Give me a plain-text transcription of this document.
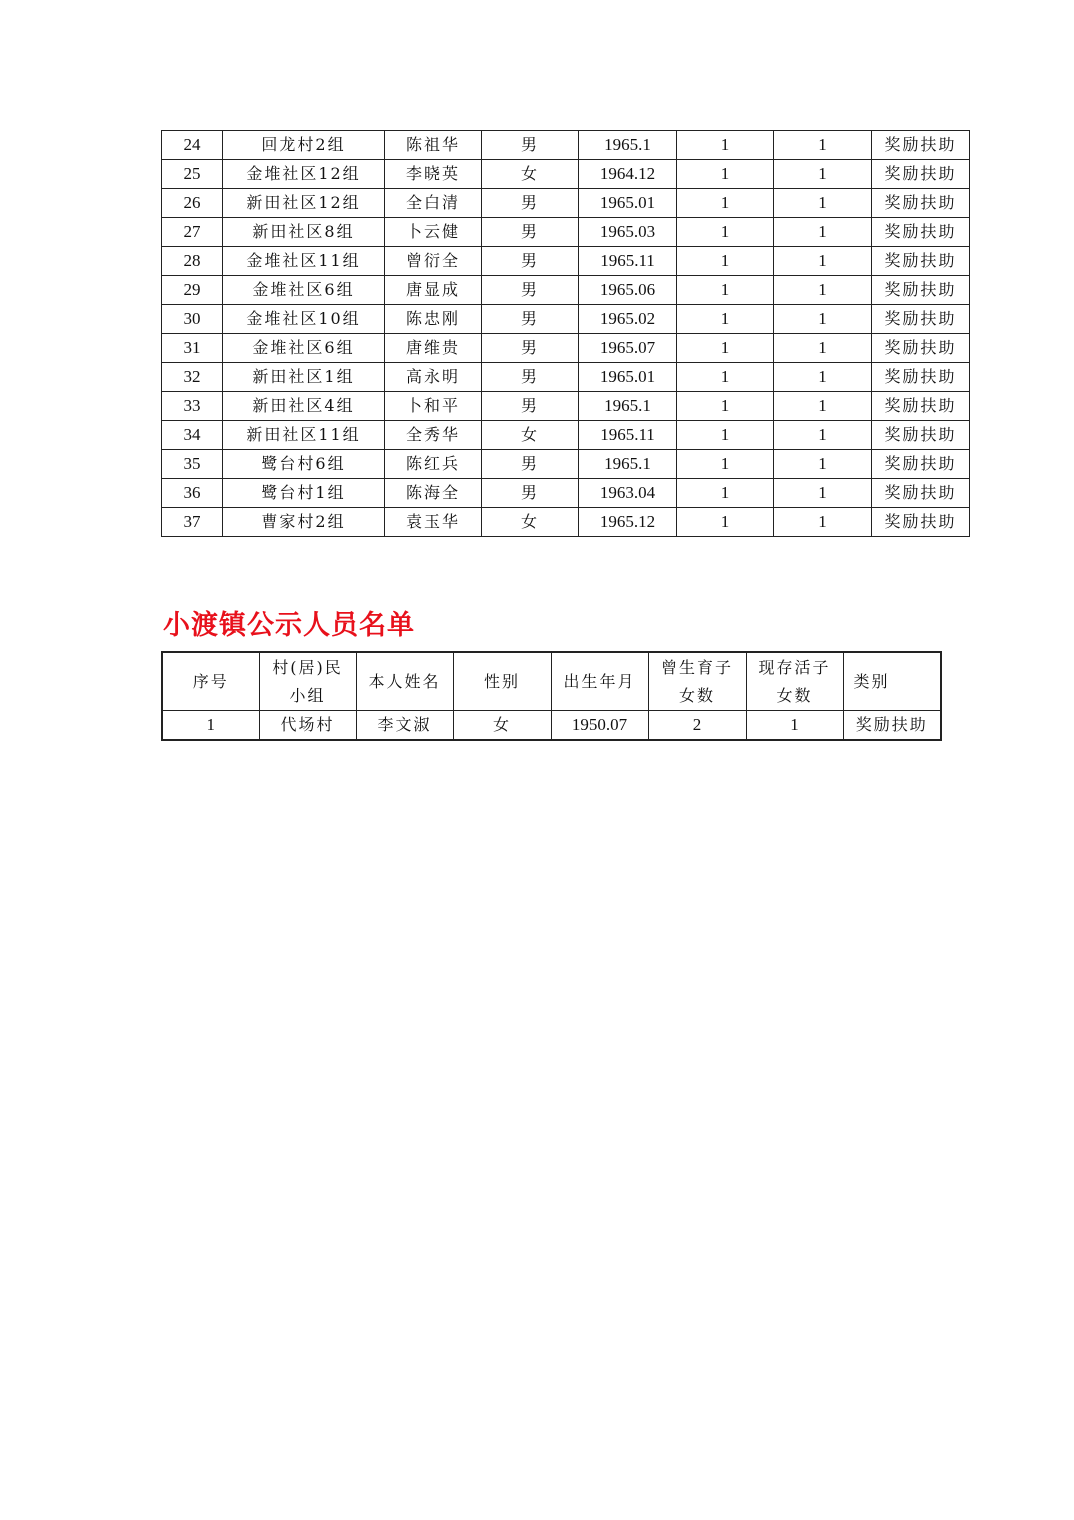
24	回龙村2组	陈祖华	男	1965.1	1	1	奖励扶助
25	金堆社区12组	李晓英	女	1964.12	1	1	奖励扶助
26	新田社区12组	全白清	男	1965.01	1	1	奖励扶助
27	新田社区8组	卜云健	男	1965.03	1	1	奖励扶助
28	金堆社区11组	曾衍全	男	1965.11	1	1	奖励扶助
29	金堆社区6组	唐显成	男	1965.06	1	1	奖励扶助
30	金堆社区10组	陈忠刚	男	1965.02	1	1	奖励扶助
31	金堆社区6组	唐维贵	男	1965.07	1	1	奖励扶助
32	新田社区1组	高永明	男	1965.01	1	1	奖励扶助
33	新田社区4组	卜和平	男	1965.1	1	1	奖励扶助
34	新田社区11组	全秀华	女	1965.11	1	1	奖励扶助
35	鹭台村6组	陈红兵	男	1965.1	1	1	奖励扶助
36	鹭台村1组	陈海全	男	1963.04	1	1	奖励扶助
37	曹家村2组	袁玉华	女	1965.12	1	1	奖励扶助
小渡镇公示人员名单
序号	村(居)民小组	本人姓名	性别	出生年月	曾生育子女数	现存活子女数	类别
1	代场村	李文淑	女	1950.07	2	1	奖励扶助
